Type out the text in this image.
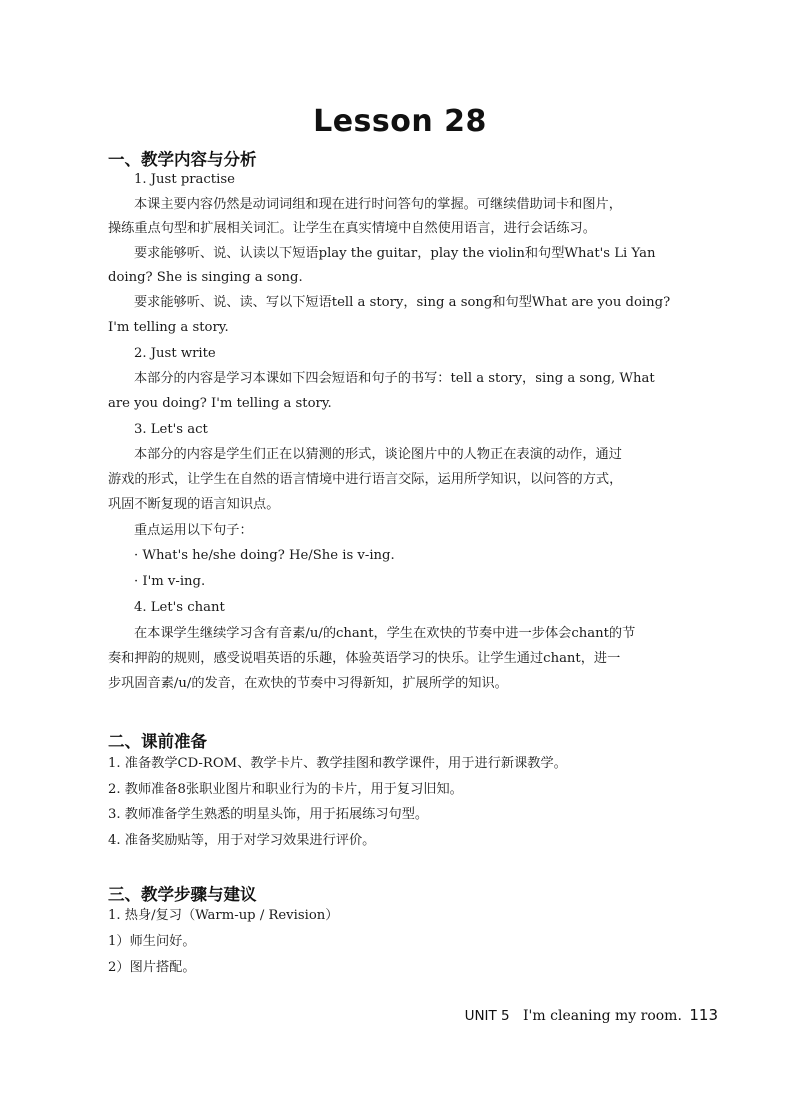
Lesson 28
一、教学内容与分析
1. Just practise
本课主要内容仍然是动词词组和现在进行时问答句的掌握。可继续借助词卡和图片，
操练重点句型和扩展相关词汇。让学生在真实情境中自然使用语言，进行会话练习。
要求能够听、说、认读以下短语play the guitar，play the violin和句型What's Li Yan
doing? She is singing a song.
要求能够听、说、读、写以下短语tell a story，sing a song和句型What are you doing?
I'm telling a story.
2. Just write
本部分的内容是学习本课如下四会短语和句子的书写：tell a story，sing a song, What
are you doing? I'm telling a story.
3. Let's act
本部分的内容是学生们正在以猜测的形式，谈论图片中的人物正在表演的动作，通过
游戏的形式，让学生在自然的语言情境中进行语言交际，运用所学知识，以问答的方式，
巩固不断复现的语言知识点。
重点运用以下句子：
· What's he/she doing? He/She is v-ing.
· I'm v-ing.
4. Let's chant
在本课学生继续学习含有音素/u/的chant，学生在欢快的节奏中进一步体会chant的节
奏和押韵的规则，感受说唱英语的乐趣，体验英语学习的快乐。让学生通过chant，进一
步巩固音素/u/的发音，在欢快的节奏中习得新知，扩展所学的知识。
二、课前准备
1. 准备教学CD-ROM、教学卡片、教学挂图和教学课件，用于进行新课教学。
2. 教师准备8张职业图片和职业行为的卡片，用于复习旧知。
3. 教师准备学生熟悉的明星头饰，用于拓展练习句型。
4. 准备奖励贴等，用于对学习效果进行评价。
三、教学步骤与建议
1. 热身/复习（Warm-up / Revision）
1）师生问好。
2）图片搭配。
UNIT 5 I'm cleaning my room. 113
